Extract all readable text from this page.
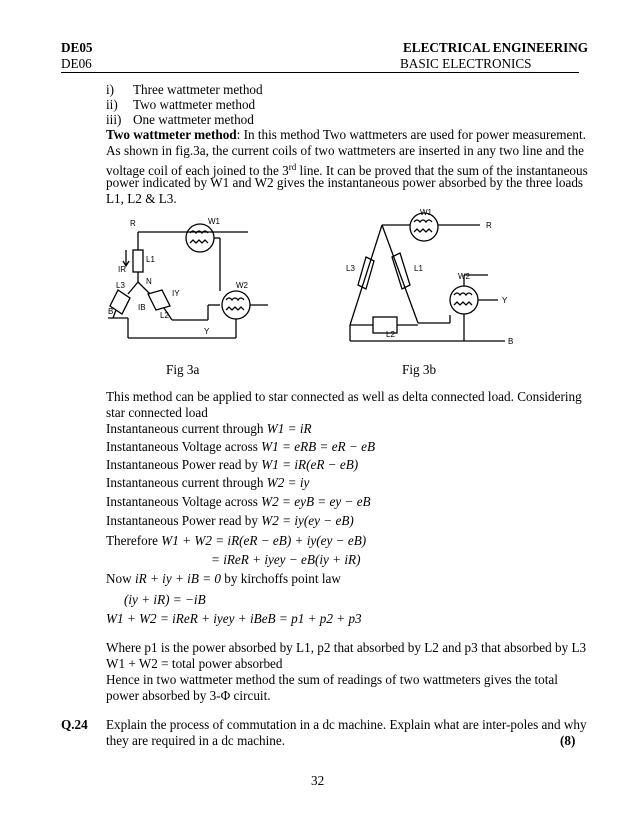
DE05
DE06
ELECTRICAL ENGINEERING
BASIC ELECTRONICS
i) Three wattmeter method
ii) Two wattmeter method
iii) One wattmeter method
Two wattmeter method: In this method Two wattmeters are used for power measurement.
As shown in fig.3a, the current coils of two wattmeters are inserted in any two line and the
voltage coil of each joined to the 3rd line. It can be proved that the sum of the instantaneous
power indicated by W1 and W2 gives the instantaneous power absorbed by the three loads
L1, L2 & L3.
R	W1
L1
IR
N
L3
IY
IB
L2
B
W2
Y
Fig 3a
W1
R
L3	L1
W2
Y
L2
B
Fig 3b
This method can be applied to star connected as well as delta connected load. Considering
star connected load
Instantaneous current through W1 = iR
Instantaneous Voltage across W1 = eRB = eR − eB
Instantaneous Power read by W1 = iR(eR − eB)
Instantaneous current through W2 = iy
Instantaneous Voltage across W2 = eyB = ey − eB
Instantaneous Power read by W2 = iy(ey − eB)
Therefore W1 + W2 = iR(eR − eB) + iy(ey − eB)
= iReR + iyey − eB(iy + iR)
Now iR + iy + iB = 0 by kirchoffs point law
(iy + iR) = −iB
W1 + W2 = iReR + iyey + iBeB = p1 + p2 + p3
Where p1 is the power absorbed by L1, p2 that absorbed by L2 and p3 that absorbed by L3
W1 + W2 = total power absorbed
Hence in two wattmeter method the sum of readings of two wattmeters gives the total
power absorbed by 3-Φ circuit.
Q.24 Explain the process of commutation in a dc machine. Explain what are inter-poles and why
they are required in a dc machine.	(8)
32
